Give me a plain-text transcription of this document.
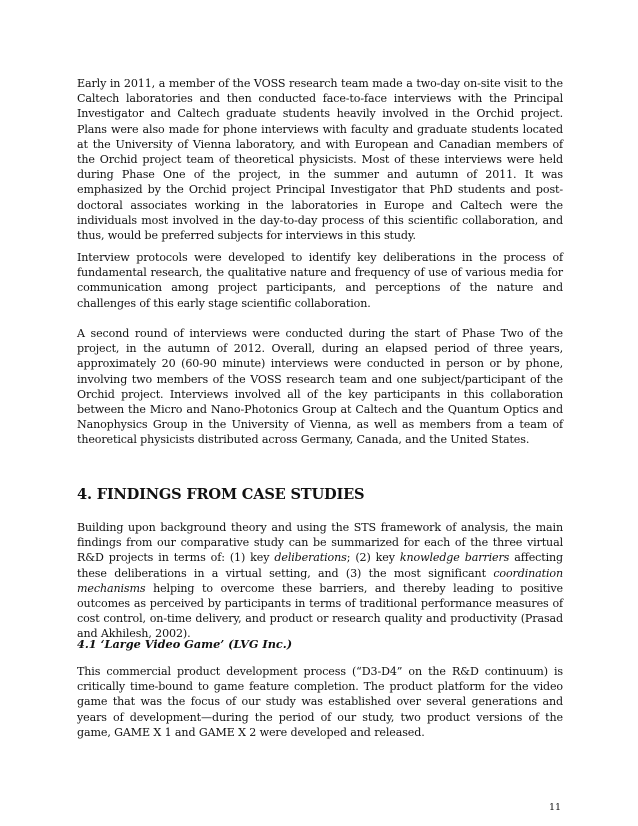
Early in 2011, a member of the VOSS research team made a two-day on-site visit to the Caltech laboratories and then conducted face-to-face interviews with the Principal Investigator and Caltech graduate students heavily involved in the Orchid project. Plans were also made for phone interviews with faculty and graduate students located at the University of Vienna laboratory, and with European and Canadian members of the Orchid project team of theoretical physicists. Most of these interviews were held during Phase One of the project, in the summer and autumn of 2011. It was emphasized by the Orchid project Principal Investigator that PhD students and post-doctoral associates working in the laboratories in Europe and Caltech were the individuals most involved in the day-to-day process of this scientific collaboration, and thus, would be preferred subjects for interviews in this study.

Interview protocols were developed to identify key deliberations in the process of fundamental research, the qualitative nature and frequency of use of various media for communication among project participants, and perceptions of the nature and challenges of this early stage scientific collaboration.

A second round of interviews were conducted during the start of Phase Two of the project, in the autumn of 2012. Overall, during an elapsed period of three years, approximately 20 (60-90 minute) interviews were conducted in person or by phone, involving two members of the VOSS research team and one subject/participant of the Orchid project. Interviews involved all of the key participants in this collaboration between the Micro and Nano-Photonics Group at Caltech and the Quantum Optics and Nanophysics Group in the University of Vienna, as well as members from a team of theoretical physicists distributed across Germany, Canada, and the United States.

4. FINDINGS FROM CASE STUDIES

Building upon background theory and using the STS framework of analysis, the main findings from our comparative study can be summarized for each of the three virtual R&D projects in terms of: (1) key deliberations; (2) key knowledge barriers affecting these deliberations in a virtual setting, and (3) the most significant coordination mechanisms helping to overcome these barriers, and thereby leading to positive outcomes as perceived by participants in terms of traditional performance measures of cost control, on-time delivery, and product or research quality and productivity (Prasad and Akhilesh, 2002).

4.1 ‘Large Video Game’ (LVG Inc.)

This commercial product development process (“D3-D4” on the R&D continuum) is critically time-bound to game feature completion. The product platform for the video game that was the focus of our study was established over several generations and years of development—during the period of our study, two product versions of the game, GAME X 1 and GAME X 2 were developed and released.

11
